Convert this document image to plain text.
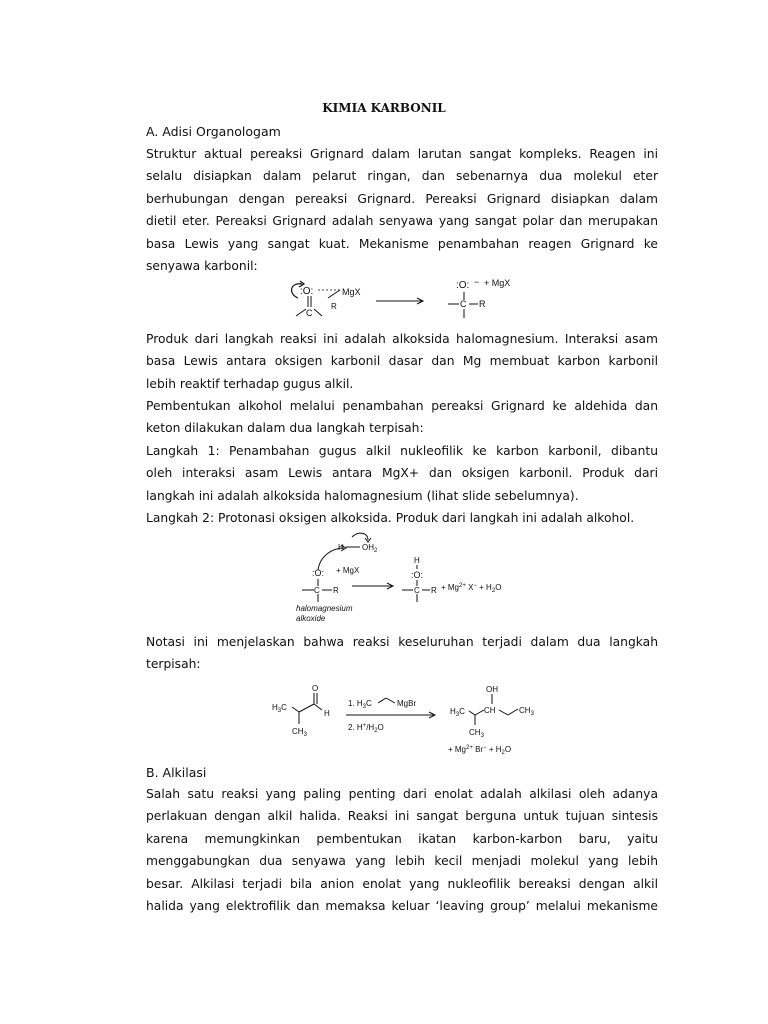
KIMIA KARBONIL
A. Adisi Organologam
Struktur aktual pereaksi Grignard dalam larutan sangat kompleks. Reagen ini
selalu disiapkan dalam pelarut ringan, dan sebenarnya dua molekul eter
berhubungan dengan pereaksi Grignard. Pereaksi Grignard disiapkan dalam
dietil eter. Pereaksi Grignard adalah senyawa yang sangat polar dan merupakan
basa Lewis yang sangat kuat. Mekanisme penambahan reagen Grignard ke
senyawa karbonil:
:O:	MgX
R
C
:O: − + MgX
C R
Produk dari langkah reaksi ini adalah alkoksida halomagnesium. Interaksi asam
basa Lewis antara oksigen karbonil dasar dan Mg membuat karbon karbonil
lebih reaktif terhadap gugus alkil.
Pembentukan alkohol melalui penambahan pereaksi Grignard ke aldehida dan
keton dilakukan dalam dua langkah terpisah:
Langkah 1: Penambahan gugus alkil nukleofilik ke karbon karbonil, dibantu
oleh interaksi asam Lewis antara MgX+ dan oksigen karbonil. Produk dari
langkah ini adalah alkoksida halomagnesium (lihat slide sebelumnya).
Langkah 2: Protonasi oksigen alkoksida. Produk dari langkah ini adalah alkohol.
H $OH_2$
:O: + MgX
C R
halomagnesium
alkoxide
H
:O:
C $R + Mg^{2+}$ $X^- + H_2O$
Notasi ini menjelaskan bahwa reaksi keseluruhan terjadi dalam dua langkah
terpisah:
O
$H_3C$
H
$CH_3$
1. $H_3C$	MgBr
2. $H^+/H_2O$
OH
$H_3C$ CH	$CH_3$
$CH_3$
+ $Mg^{2+}$ $Br^- + H_2O$
B. Alkilasi
Salah satu reaksi yang paling penting dari enolat adalah alkilasi oleh adanya
perlakuan dengan alkil halida. Reaksi ini sangat berguna untuk tujuan sintesis
karena memungkinkan pembentukan ikatan karbon-karbon baru, yaitu
menggabungkan dua senyawa yang lebih kecil menjadi molekul yang lebih
besar. Alkilasi terjadi bila anion enolat yang nukleofilik bereaksi dengan alkil
halida yang elektrofilik dan memaksa keluar ‘leaving group’ melalui mekanisme
